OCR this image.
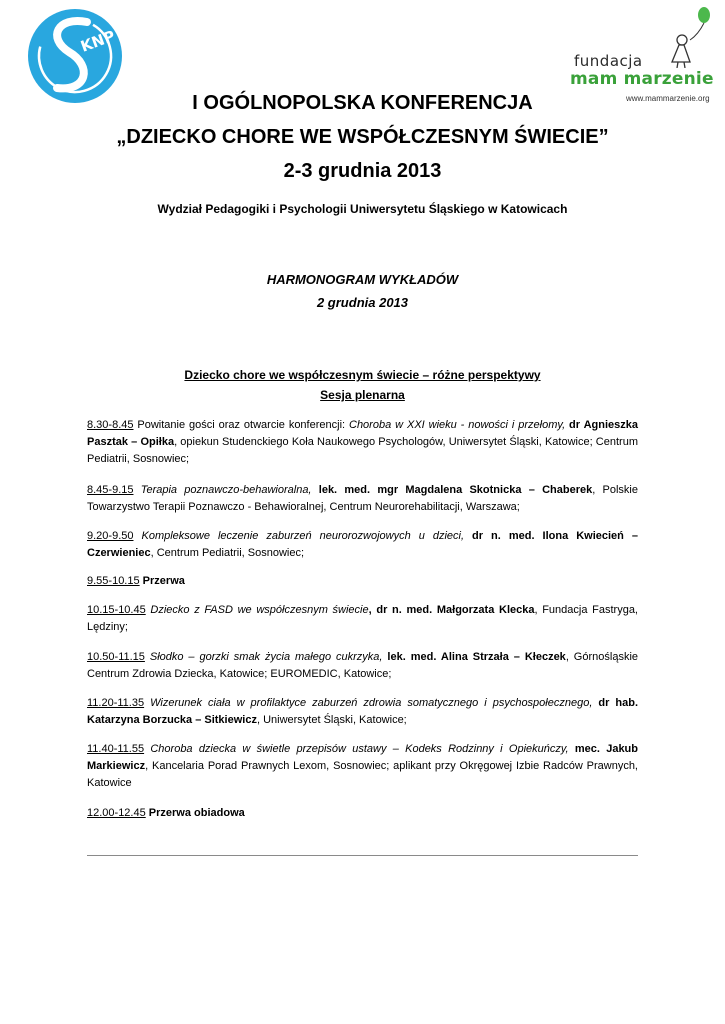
KNP
fundacja
mam marzenie
www.mammarzenie.org
I OGÓLNOPOLSKA KONFERENCJA
„DZIECKO CHORE WE WSPÓŁCZESNYM ŚWIECIE”
2-3 grudnia 2013
Wydział Pedagogiki i Psychologii Uniwersytetu Śląskiego w Katowicach
HARMONOGRAM WYKŁADÓW
2 grudnia 2013
Dziecko chore we współczesnym świecie – różne perspektywy
Sesja plenarna
8.30-8.45 Powitanie gości oraz otwarcie konferencji: Choroba w XXI wieku - nowości i przełomy, dr Agnieszka Pasztak – Opiłka, opiekun Studenckiego Koła Naukowego Psychologów, Uniwersytet Śląski, Katowice; Centrum Pediatrii, Sosnowiec;
8.45-9.15 Terapia poznawczo-behawioralna, lek. med. mgr Magdalena Skotnicka – Chaberek, Polskie Towarzystwo Terapii Poznawczo - Behawioralnej, Centrum Neurorehabilitacji, Warszawa;
9.20-9.50 Kompleksowe leczenie zaburzeń neurorozwojowych u dzieci, dr n. med. Ilona Kwiecień – Czerwieniec, Centrum Pediatrii, Sosnowiec;
9.55-10.15 Przerwa
10.15-10.45 Dziecko z FASD we współczesnym świecie, dr n. med. Małgorzata Klecka, Fundacja Fastryga, Lędziny;
10.50-11.15 Słodko – gorzki smak życia małego cukrzyka, lek. med. Alina Strzała – Kłeczek, Górnośląskie Centrum Zdrowia Dziecka, Katowice; EUROMEDIC, Katowice;
11.20-11.35 Wizerunek ciała w profilaktyce zaburzeń zdrowia somatycznego i psychospołecznego, dr hab. Katarzyna Borzucka – Sitkiewicz, Uniwersytet Śląski, Katowice;
11.40-11.55 Choroba dziecka w świetle przepisów ustawy – Kodeks Rodzinny i Opiekuńczy, mec. Jakub Markiewicz, Kancelaria Porad Prawnych Lexom, Sosnowiec; aplikant przy Okręgowej Izbie Radców Prawnych, Katowice
12.00-12.45 Przerwa obiadowa
